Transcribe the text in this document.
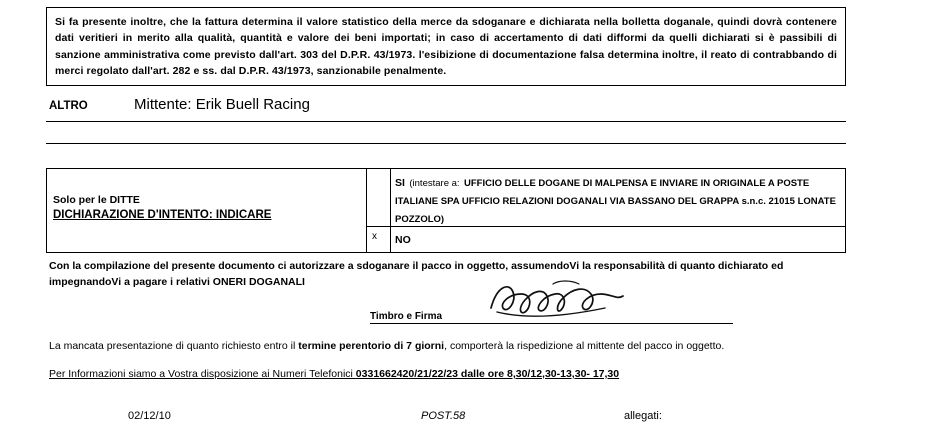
Si fa presente inoltre, che la fattura determina il valore statistico della merce da sdoganare e dichiarata nella bolletta doganale, quindi dovrà contenere dati veritieri in merito alla qualità, quantità e valore dei beni importati; in caso di accertamento di dati difformi da quelli dichiarati si è passibili di sanzione amministrativa come previsto dall'art. 303 del D.P.R. 43/1973. l'esibizione di documentazione falsa determina inoltre, il reato di contrabbando di merci regolato dall'art. 282 e ss. dal D.P.R. 43/1973, sanzionabile penalmente.
ALTRO	Mittente: Erik Buell Racing
Solo per le DITTE
DICHIARAZIONE D'INTENTO: INDICARE
SI (intestare a: UFFICIO DELLE DOGANE DI MALPENSA E INVIARE IN ORIGINALE A POSTE ITALIANE SPA UFFICIO RELAZIONI DOGANALI VIA BASSANO DEL GRAPPA s.n.c. 21015 LONATE POZZOLO)
x	NO
Con la compilazione del presente documento ci autorizzare a sdoganare il pacco in oggetto, assumendoVi la responsabilità di quanto dichiarato ed impegnandoVi a pagare i relativi ONERI DOGANALI
Timbro e Firma
La mancata presentazione di quanto richiesto entro il termine perentorio di 7 giorni, comporterà la rispedizione al mittente del pacco in oggetto.
Per Informazioni siamo a Vostra disposizione ai Numeri Telefonici 0331662420/21/22/23 dalle ore 8,30/12,30-13,30- 17,30
02/12/10	POST.58	allegati:
